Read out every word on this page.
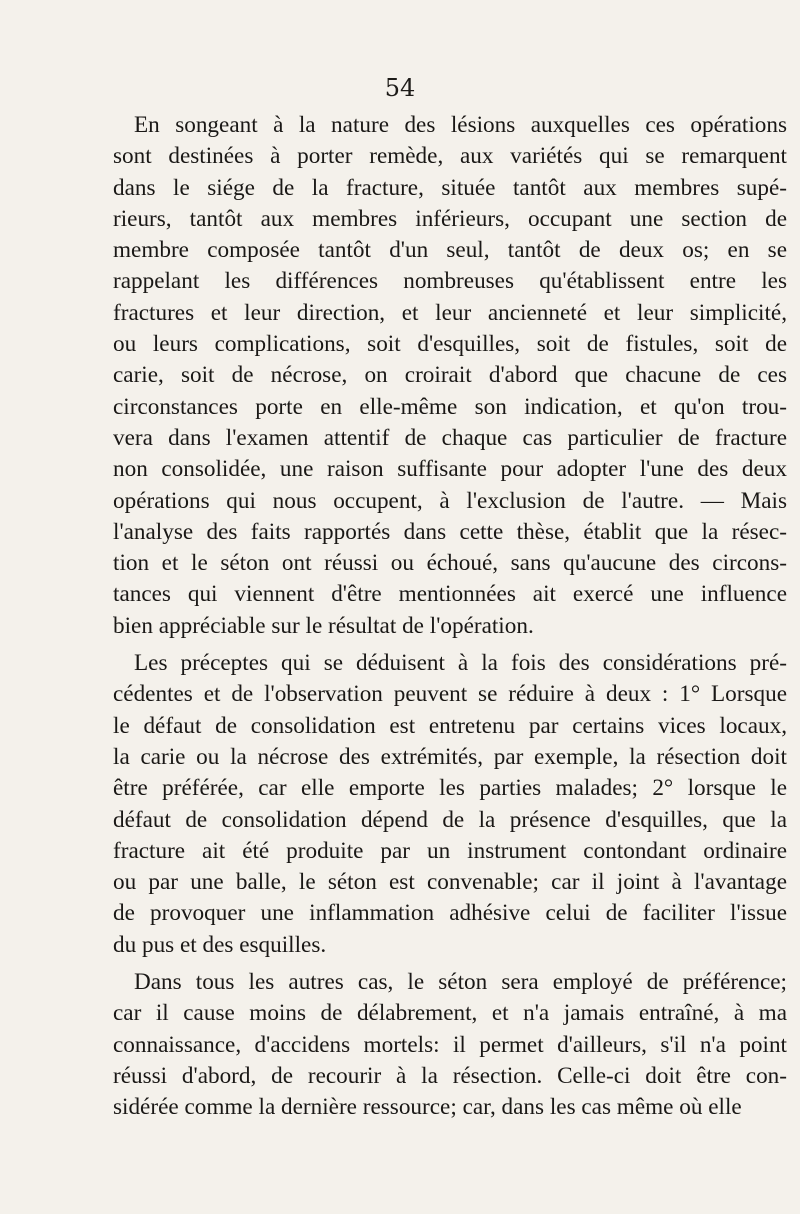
54

En songeant à la nature des lésions auxquelles ces opérations
sont destinées à porter remède, aux variétés qui se remarquent
dans le siége de la fracture, située tantôt aux membres supé-
rieurs, tantôt aux membres inférieurs, occupant une section de
membre composée tantôt d'un seul, tantôt de deux os; en se
rappelant les différences nombreuses qu'établissent entre les
fractures et leur direction, et leur ancienneté et leur simplicité,
ou leurs complications, soit d'esquilles, soit de fistules, soit de
carie, soit de nécrose, on croirait d'abord que chacune de ces
circonstances porte en elle-même son indication, et qu'on trou-
vera dans l'examen attentif de chaque cas particulier de fracture
non consolidée, une raison suffisante pour adopter l'une des deux
opérations qui nous occupent, à l'exclusion de l'autre. — Mais
l'analyse des faits rapportés dans cette thèse, établit que la résec-
tion et le séton ont réussi ou échoué, sans qu'aucune des circons-
tances qui viennent d'être mentionnées ait exercé une influence
bien appréciable sur le résultat de l'opération.
Les préceptes qui se déduisent à la fois des considérations pré-
cédentes et de l'observation peuvent se réduire à deux : 1° Lorsque
le défaut de consolidation est entretenu par certains vices locaux,
la carie ou la nécrose des extrémités, par exemple, la résection doit
être préférée, car elle emporte les parties malades; 2° lorsque le
défaut de consolidation dépend de la présence d'esquilles, que la
fracture ait été produite par un instrument contondant ordinaire
ou par une balle, le séton est convenable; car il joint à l'avantage
de provoquer une inflammation adhésive celui de faciliter l'issue
du pus et des esquilles.
Dans tous les autres cas, le séton sera employé de préférence;
car il cause moins de délabrement, et n'a jamais entraîné, à ma
connaissance, d'accidens mortels: il permet d'ailleurs, s'il n'a point
réussi d'abord, de recourir à la résection. Celle-ci doit être con-
sidérée comme la dernière ressource; car, dans les cas même où elle
